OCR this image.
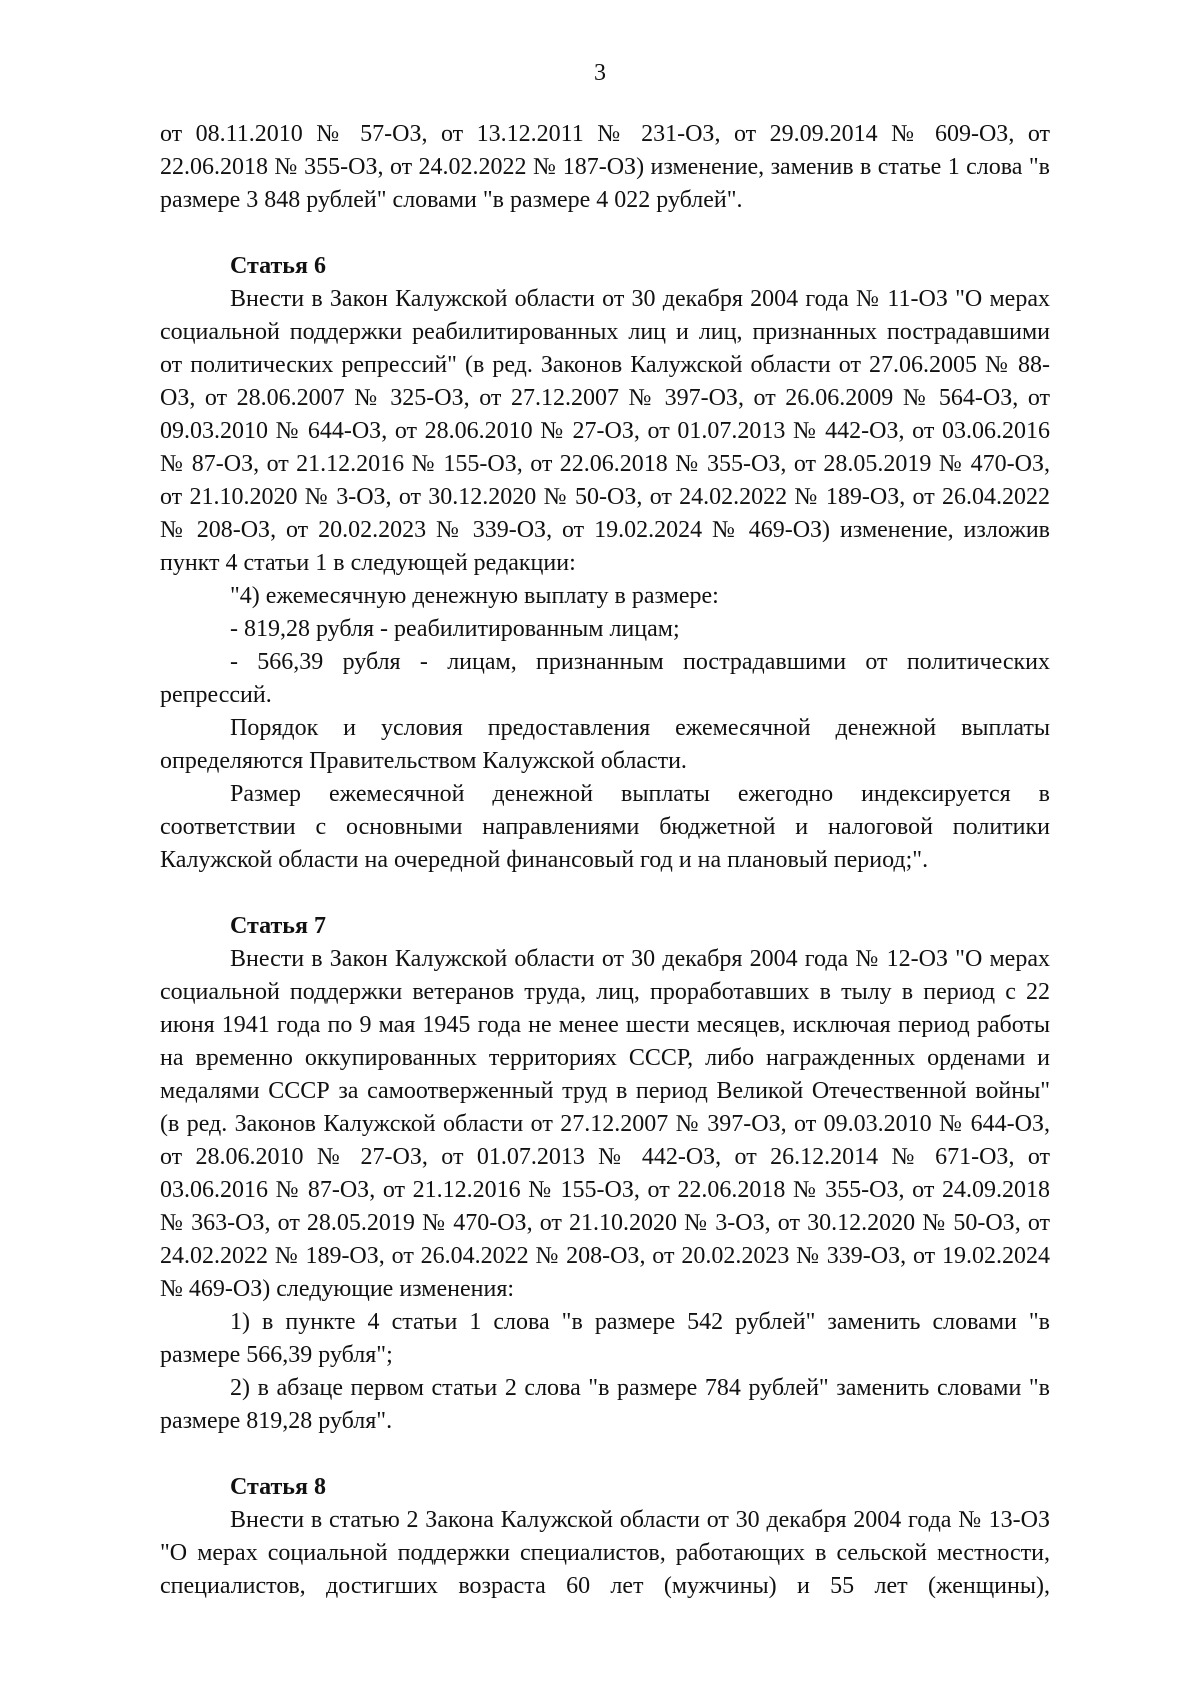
3

от 08.11.2010 № 57-ОЗ, от 13.12.2011 № 231-ОЗ, от 29.09.2014 № 609-ОЗ, от 22.06.2018 № 355-ОЗ, от 24.02.2022 № 187-ОЗ) изменение, заменив в статье 1 слова "в размере 3 848 рублей" словами "в размере 4 022 рублей".

Статья 6

Внести в Закон Калужской области от 30 декабря 2004 года № 11-ОЗ "О мерах социальной поддержки реабилитированных лиц и лиц, признанных пострадавшими от политических репрессий" (в ред. Законов Калужской области от 27.06.2005 № 88-ОЗ, от 28.06.2007 № 325-ОЗ, от 27.12.2007 № 397-ОЗ, от 26.06.2009 № 564-ОЗ, от 09.03.2010 № 644-ОЗ, от 28.06.2010 № 27-ОЗ, от 01.07.2013 № 442-ОЗ, от 03.06.2016 № 87-ОЗ, от 21.12.2016 № 155-ОЗ, от 22.06.2018 № 355-ОЗ, от 28.05.2019 № 470-ОЗ, от 21.10.2020 № 3-ОЗ, от 30.12.2020 № 50-ОЗ, от 24.02.2022 № 189-ОЗ, от 26.04.2022 № 208-ОЗ, от 20.02.2023 № 339-ОЗ, от 19.02.2024 № 469-ОЗ) изменение, изложив пункт 4 статьи 1 в следующей редакции:

"4) ежемесячную денежную выплату в размере:

- 819,28 рубля - реабилитированным лицам;

- 566,39 рубля - лицам, признанным пострадавшими от политических репрессий.

Порядок и условия предоставления ежемесячной денежной выплаты определяются Правительством Калужской области.

Размер ежемесячной денежной выплаты ежегодно индексируется в соответствии с основными направлениями бюджетной и налоговой политики Калужской области на очередной финансовый год и на плановый период;".

Статья 7

Внести в Закон Калужской области от 30 декабря 2004 года № 12-ОЗ "О мерах социальной поддержки ветеранов труда, лиц, проработавших в тылу в период с 22 июня 1941 года по 9 мая 1945 года не менее шести месяцев, исключая период работы на временно оккупированных территориях СССР, либо награжденных орденами и медалями СССР за самоотверженный труд в период Великой Отечественной войны" (в ред. Законов Калужской области от 27.12.2007 № 397-ОЗ, от 09.03.2010 № 644-ОЗ, от 28.06.2010 № 27-ОЗ, от 01.07.2013 № 442-ОЗ, от 26.12.2014 № 671-ОЗ, от 03.06.2016 № 87-ОЗ, от 21.12.2016 № 155-ОЗ, от 22.06.2018 № 355-ОЗ, от 24.09.2018 № 363-ОЗ, от 28.05.2019 № 470-ОЗ, от 21.10.2020 № 3-ОЗ, от 30.12.2020 № 50-ОЗ, от 24.02.2022 № 189-ОЗ, от 26.04.2022 № 208-ОЗ, от 20.02.2023 № 339-ОЗ, от 19.02.2024 № 469-ОЗ) следующие изменения:

1) в пункте 4 статьи 1 слова "в размере 542 рублей" заменить словами "в размере 566,39 рубля";

2) в абзаце первом статьи 2 слова "в размере 784 рублей" заменить словами "в размере 819,28 рубля".

Статья 8

Внести в статью 2 Закона Калужской области от 30 декабря 2004 года № 13-ОЗ "О мерах социальной поддержки специалистов, работающих в сельской местности, специалистов, достигших возраста 60 лет (мужчины) и 55 лет (женщины),
